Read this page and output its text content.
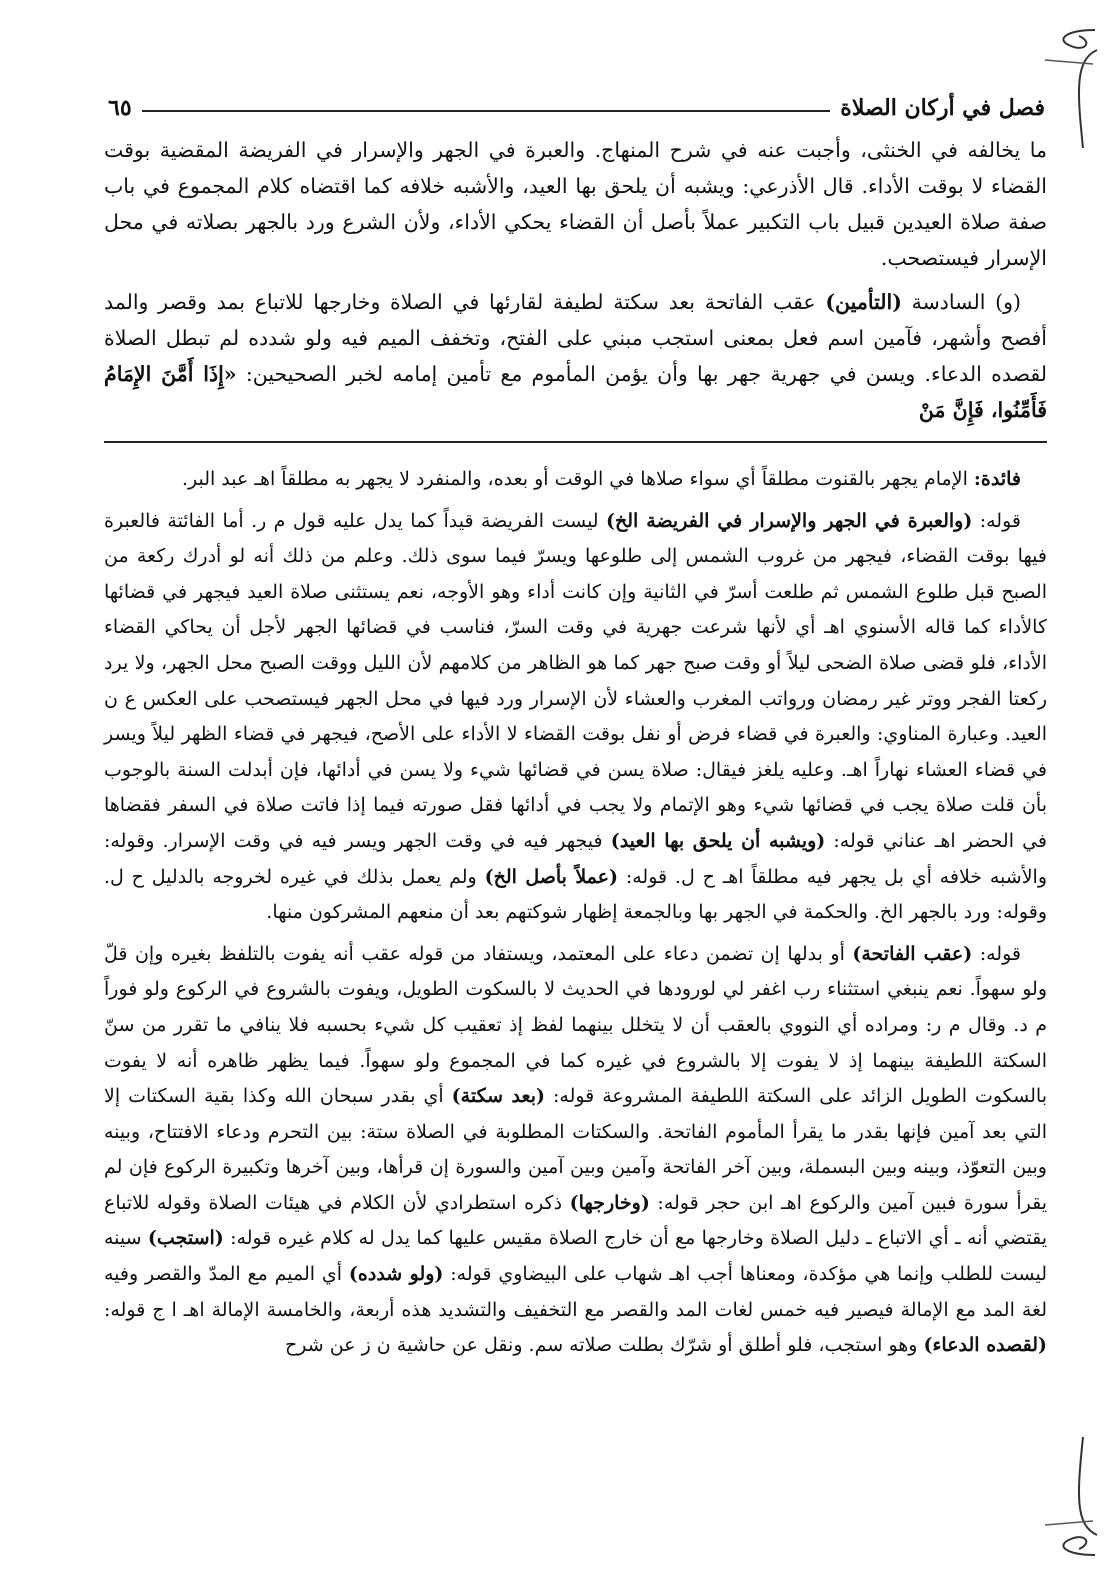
فصل في أركان الصلاة
٦٥

ما يخالفه في الخنثى، وأجبت عنه في شرح المنهاج. والعبرة في الجهر والإسرار في الفريضة المقضية بوقت القضاء لا بوقت الأداء. قال الأذرعي: ويشبه أن يلحق بها العيد، والأشبه خلافه كما اقتضاه كلام المجموع في باب صفة صلاة العيدين قبيل باب التكبير عملاً بأصل أن القضاء يحكي الأداء، ولأن الشرع ورد بالجهر بصلاته في محل الإسرار فيستصحب.

(و) السادسة (التأمين) عقب الفاتحة بعد سكتة لطيفة لقارئها في الصلاة وخارجها للاتباع بمد وقصر والمد أفصح وأشهر، فآمين اسم فعل بمعنى استجب مبني على الفتح، وتخفف الميم فيه ولو شدده لم تبطل الصلاة لقصده الدعاء. ويسن في جهرية جهر بها وأن يؤمن المأموم مع تأمين إمامه لخبر الصحيحين: «إِذَا أَمَّنَ الإِمَامُ فَأَمِّنُوا، فَإِنَّ مَنْ

فائدة: الإمام يجهر بالقنوت مطلقاً أي سواء صلاها في الوقت أو بعده، والمنفرد لا يجهر به مطلقاً اهـ عبد البر.

قوله: (والعبرة في الجهر والإسرار في الفريضة الخ) ليست الفريضة قيداً كما يدل عليه قول م ر. أما الفائتة فالعبرة فيها بوقت القضاء، فيجهر من غروب الشمس إلى طلوعها ويسرّ فيما سوى ذلك. وعلم من ذلك أنه لو أدرك ركعة من الصبح قبل طلوع الشمس ثم طلعت أسرّ في الثانية وإن كانت أداء وهو الأوجه، نعم يستثنى صلاة العيد فيجهر في قضائها كالأداء كما قاله الأسنوي اهـ أي لأنها شرعت جهرية في وقت السرّ، فناسب في قضائها الجهر لأجل أن يحاكي القضاء الأداء، فلو قضى صلاة الضحى ليلاً أو وقت صبح جهر كما هو الظاهر من كلامهم لأن الليل ووقت الصبح محل الجهر، ولا يرد ركعتا الفجر ووتر غير رمضان ورواتب المغرب والعشاء لأن الإسرار ورد فيها في محل الجهر فيستصحب على العكس ع ن العيد. وعبارة المناوي: والعبرة في قضاء فرض أو نفل بوقت القضاء لا الأداء على الأصح، فيجهر في قضاء الظهر ليلاً ويسر في قضاء العشاء نهاراً اهـ. وعليه يلغز فيقال: صلاة يسن في قضائها شيء ولا يسن في أدائها، فإن أبدلت السنة بالوجوب بأن قلت صلاة يجب في قضائها شيء وهو الإتمام ولا يجب في أدائها فقل صورته فيما إذا فاتت صلاة في السفر فقضاها في الحضر اهـ عناني قوله: (ويشبه أن يلحق بها العيد) فيجهر فيه في وقت الجهر ويسر فيه في وقت الإسرار. وقوله: والأشبه خلافه أي بل يجهر فيه مطلقاً اهـ ح ل. قوله: (عملاً بأصل الخ) ولم يعمل بذلك في غيره لخروجه بالدليل ح ل. وقوله: ورد بالجهر الخ. والحكمة في الجهر بها وبالجمعة إظهار شوكتهم بعد أن منعهم المشركون منها.

قوله: (عقب الفاتحة) أو بدلها إن تضمن دعاء على المعتمد، ويستفاد من قوله عقب أنه يفوت بالتلفظ بغيره وإن قلّ ولو سهواً. نعم ينبغي استثناء رب اغفر لي لورودها في الحديث لا بالسكوت الطويل، ويفوت بالشروع في الركوع ولو فوراً م د. وقال م ر: ومراده أي النووي بالعقب أن لا يتخلل بينهما لفظ إذ تعقيب كل شيء بحسبه فلا ينافي ما تقرر من سنّ السكتة اللطيفة بينهما إذ لا يفوت إلا بالشروع في غيره كما في المجموع ولو سهواً. فيما يظهر ظاهره أنه لا يفوت بالسكوت الطويل الزائد على السكتة اللطيفة المشروعة قوله: (بعد سكتة) أي بقدر سبحان الله وكذا بقية السكتات إلا التي بعد آمين فإنها بقدر ما يقرأ المأموم الفاتحة. والسكتات المطلوبة في الصلاة ستة: بين التحرم ودعاء الافتتاح، وبينه وبين التعوّذ، وبينه وبين البسملة، وبين آخر الفاتحة وآمين وبين آمين والسورة إن قرأها، وبين آخرها وتكبيرة الركوع فإن لم يقرأ سورة فبين آمين والركوع اهـ ابن حجر قوله: (وخارجها) ذكره استطرادي لأن الكلام في هيئات الصلاة وقوله للاتباع يقتضي أنه ـ أي الاتباع ـ دليل الصلاة وخارجها مع أن خارج الصلاة مقيس عليها كما يدل له كلام غيره قوله: (استجب) سينه ليست للطلب وإنما هي مؤكدة، ومعناها أجب اهـ شهاب على البيضاوي قوله: (ولو شدده) أي الميم مع المدّ والقصر وفيه لغة المد مع الإمالة فيصير فيه خمس لغات المد والقصر مع التخفيف والتشديد هذه أربعة، والخامسة الإمالة اهـ ا ج قوله: (لقصده الدعاء) وهو استجب، فلو أطلق أو شرّك بطلت صلاته سم. ونقل عن حاشية ن ز عن شرح
